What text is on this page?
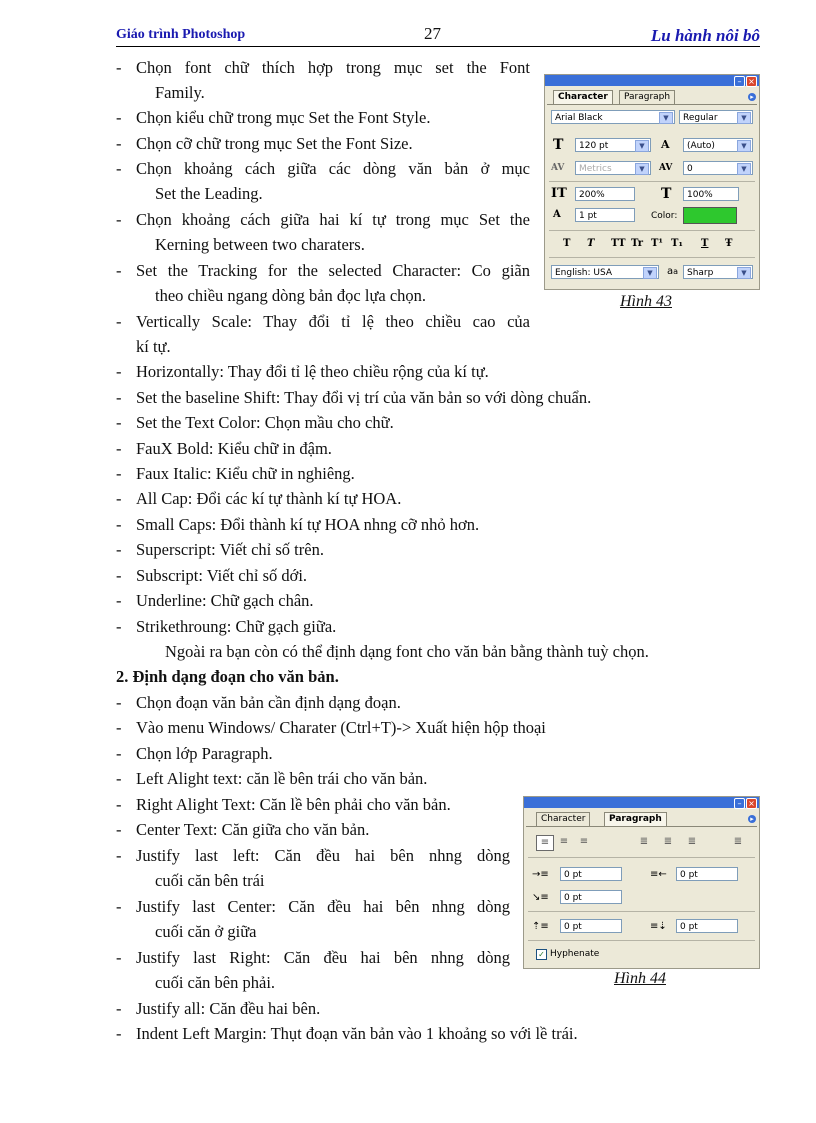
Giáo trình Photoshop	27	Lu hành nôi bô
- Chọn font chữ thích hợp trong mục set the Font
Family.
- Chọn kiểu chữ trong mục Set the Font Style.
- Chọn cỡ chữ trong mục Set the Font Size.
- Chọn khoảng cách giữa các dòng văn bản ở mục
Set the Leading.
- Chọn khoảng cách giữa hai kí tự trong mục Set the
Kerning between two charaters.
- Set the Tracking for the selected Character: Co giãn
theo chiều ngang dòng bản đọc lựa chọn.
- Vertically Scale: Thay đổi tỉ lệ theo chiều cao của
kí tự.
- Horizontally: Thay đổi tỉ lệ theo chiều rộng của kí tự.
- Set the baseline Shift: Thay đổi vị trí của văn bản so với dòng chuẩn.
- Set the Text Color: Chọn mầu cho chữ.
- FauX Bold: Kiểu chữ in đậm.
- Faux Italic: Kiểu chữ in nghiêng.
- All Cap: Đổi các kí tự thành kí tự HOA.
- Small Caps: Đổi thành kí tự HOA nhng cỡ nhỏ hơn.
- Superscript: Viết chỉ số trên.
- Subscript: Viết chỉ số dới.
- Underline: Chữ gạch chân.
- Strikethroung: Chữ gạch giữa.
Ngoài ra bạn còn có thể định dạng font cho văn bản bằng thành tuỳ chọn.
2. Định dạng đoạn cho văn bản.
- Chọn đoạn văn bản cần định dạng đoạn.
- Vào menu Windows/ Charater (Ctrl+T)-> Xuất hiện hộp thoại
- Chọn lớp Paragraph.
- Left Alight text: căn lề bên trái cho văn bản.
- Right Alight Text: Căn lề bên phải cho văn bản.
- Center Text: Căn giữa cho văn bản.
- Justify last left: Căn đều hai bên nhng dòng
cuối căn bên trái
- Justify last Center: Căn đều hai bên nhng dòng
cuối căn ở giữa
- Justify last Right: Căn đều hai bên nhng dòng
cuối căn bên phải.
- Justify all: Căn đều hai bên.
- Indent Left Margin: Thụt đoạn văn bản vào 1 khoảng so với lề trái.
– ×
Character	Paragraph	▸
Arial Black	▼	Regular	▼
T	120 pt	▼	A	(Auto)	▼
AV	Metrics	▼	AV	0	▼
IT	200%	T	100%
A	1 pt	Color:
T T TT Tr T¹ T₁ T Ŧ
English: USA	▼	aa Sharp	▼
Hình 43
– ×
Character	Paragraph	▸
≡	≡	≡	≣	≣	≣	≣
→≡	0 pt	≡←	0 pt
↘≡	0 pt
⇡≡	0 pt	≡⇣	0 pt
✓ Hyphenate
Hình 44
